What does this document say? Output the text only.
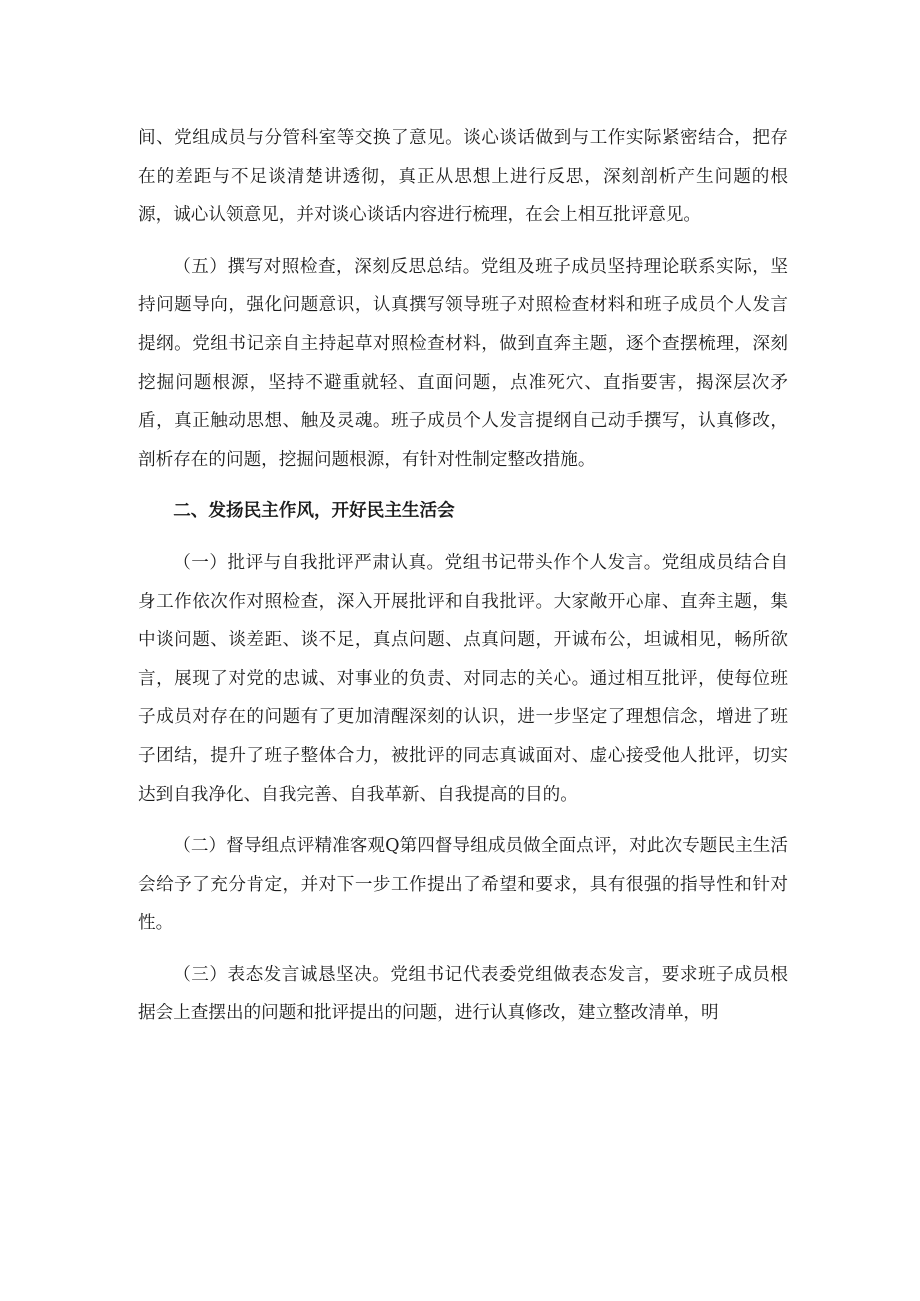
间、党组成员与分管科室等交换了意见。谈心谈话做到与工作实际紧密结合，把存在的差距与不足谈清楚讲透彻，真正从思想上进行反思，深刻剖析产生问题的根源，诚心认领意见，并对谈心谈话内容进行梳理，在会上相互批评意见。

（五）撰写对照检查，深刻反思总结。党组及班子成员坚持理论联系实际，坚持问题导向，强化问题意识，认真撰写领导班子对照检查材料和班子成员个人发言提纲。党组书记亲自主持起草对照检查材料，做到直奔主题，逐个查摆梳理，深刻挖掘问题根源，坚持不避重就轻、直面问题，点准死穴、直指要害，揭深层次矛盾，真正触动思想、触及灵魂。班子成员个人发言提纲自己动手撰写，认真修改，剖析存在的问题，挖掘问题根源，有针对性制定整改措施。

二、发扬民主作风，开好民主生活会

（一）批评与自我批评严肃认真。党组书记带头作个人发言。党组成员结合自身工作依次作对照检查，深入开展批评和自我批评。大家敞开心扉、直奔主题，集中谈问题、谈差距、谈不足，真点问题、点真问题，开诚布公，坦诚相见，畅所欲言，展现了对党的忠诚、对事业的负责、对同志的关心。通过相互批评，使每位班子成员对存在的问题有了更加清醒深刻的认识，进一步坚定了理想信念，增进了班子团结，提升了班子整体合力，被批评的同志真诚面对、虚心接受他人批评，切实达到自我净化、自我完善、自我革新、自我提高的目的。

（二）督导组点评精准客观Q第四督导组成员做全面点评，对此次专题民主生活会给予了充分肯定，并对下一步工作提出了希望和要求，具有很强的指导性和针对性。

（三）表态发言诚恳坚决。党组书记代表委党组做表态发言，要求班子成员根据会上查摆出的问题和批评提出的问题，进行认真修改，建立整改清单，明
